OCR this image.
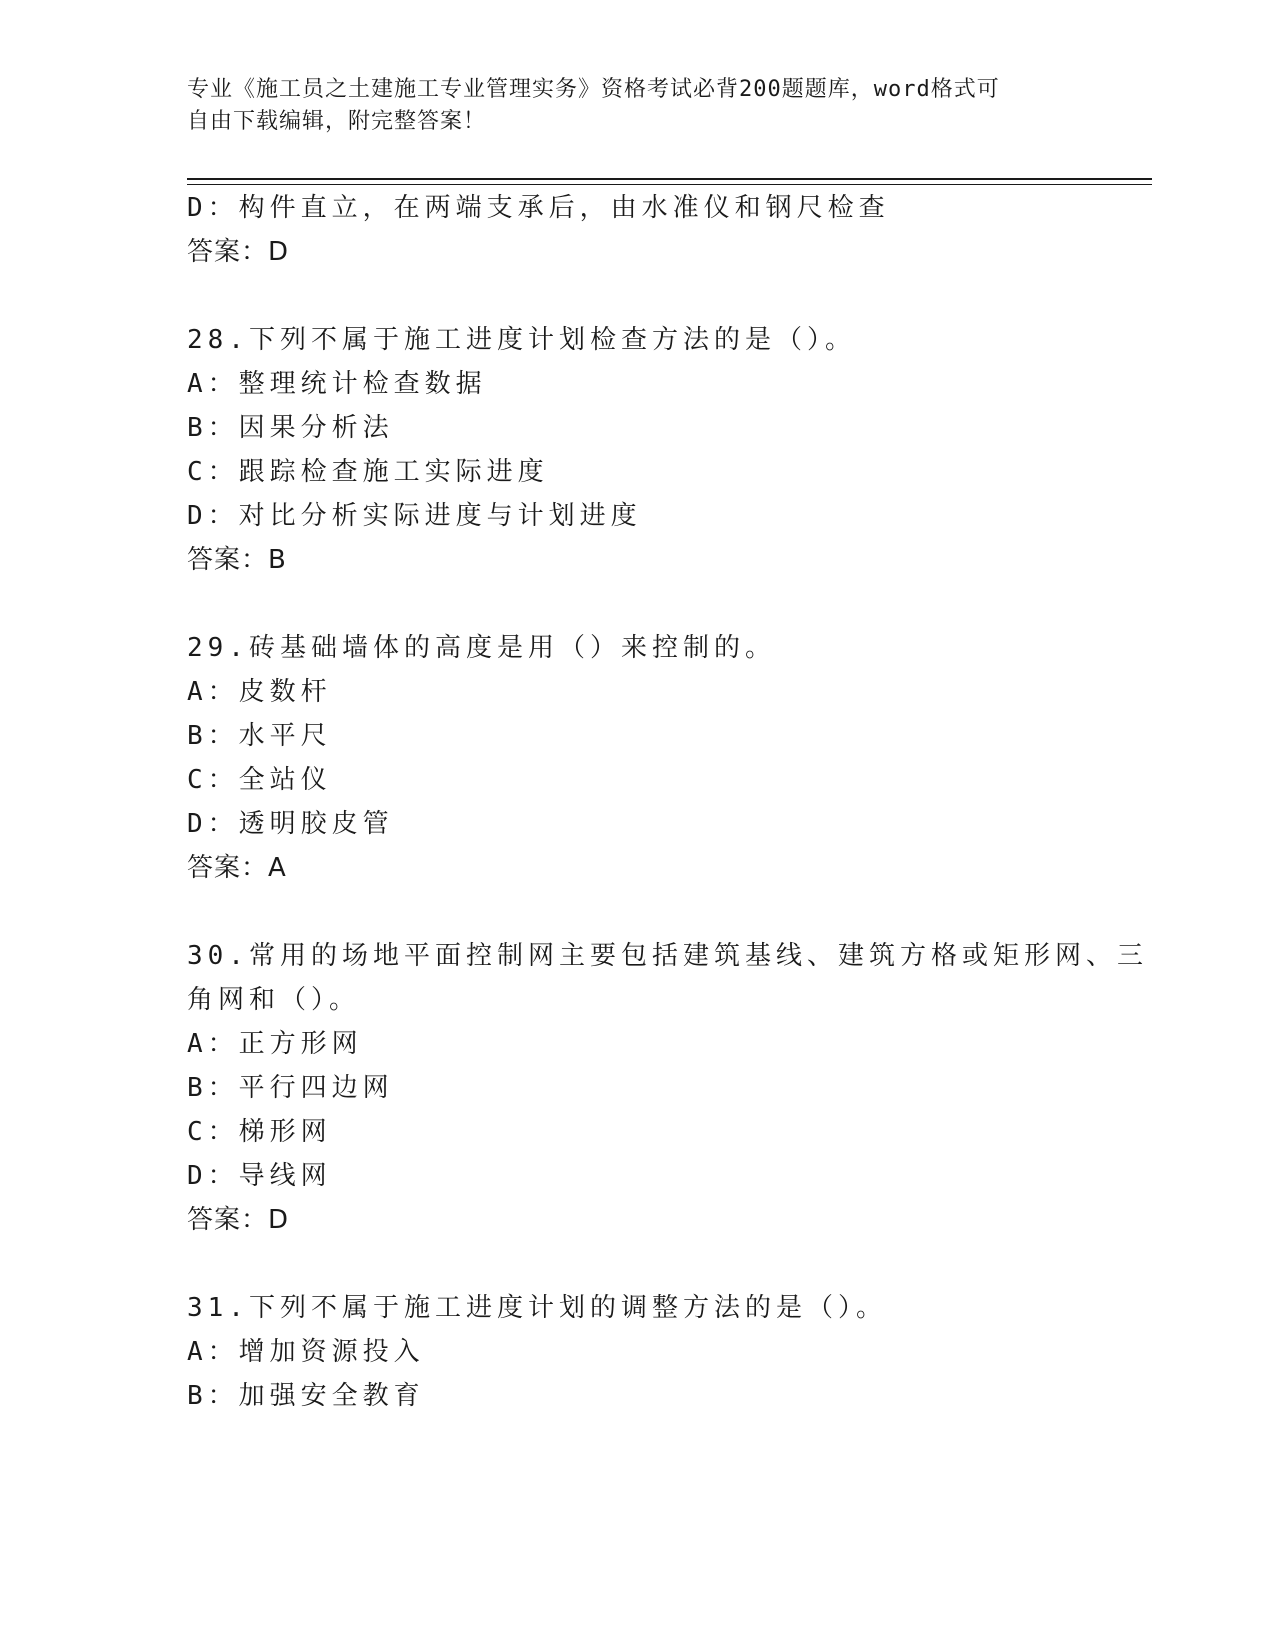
专业《施工员之土建施工专业管理实务》资格考试必背200题题库，word格式可
自由下载编辑，附完整答案！
D：构件直立，在两端支承后，由水准仪和钢尺检查
答案：D
28.下列不属于施工进度计划检查方法的是（）。
A：整理统计检查数据
B：因果分析法
C：跟踪检查施工实际进度
D：对比分析实际进度与计划进度
答案：B
29.砖基础墙体的高度是用（）来控制的。
A：皮数杆
B：水平尺
C：全站仪
D：透明胶皮管
答案：A
30.常用的场地平面控制网主要包括建筑基线、建筑方格或矩形网、三
角网和（）。
A：正方形网
B：平行四边网
C：梯形网
D：导线网
答案：D
31.下列不属于施工进度计划的调整方法的是（）。
A：增加资源投入
B：加强安全教育
